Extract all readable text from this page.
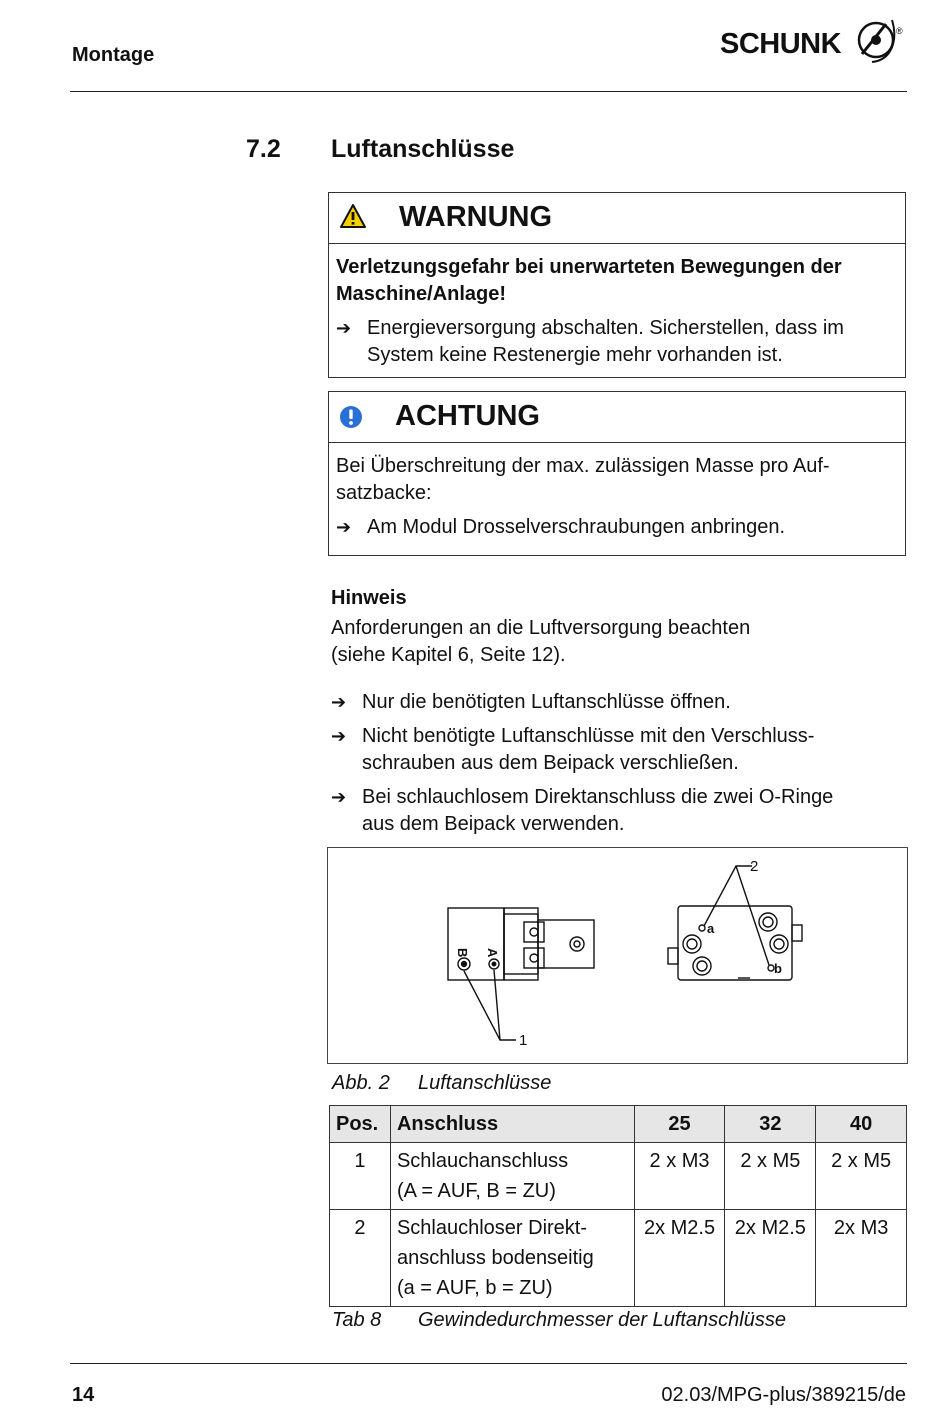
Montage	SCHUNK	®
7.2 Luftanschlüsse
WARNUNG
Verletzungsgefahr bei unerwarteten Bewegungen der
Maschine/Anlage!
➔ Energieversorgung abschalten. Sicherstellen, dass im
System keine Restenergie mehr vorhanden ist.
ACHTUNG
Bei Überschreitung der max. zulässigen Masse pro Auf-
satzbacke:
➔ Am Modul Drosselverschraubungen anbringen.
Hinweis
Anforderungen an die Luftversorgung beachten
(siehe Kapitel 6, Seite 12).
➔ Nur die benötigten Luftanschlüsse öffnen.
➔ Nicht benötigte Luftanschlüsse mit den Verschluss-
schrauben aus dem Beipack verschließen.
➔ Bei schlauchlosem Direktanschluss die zwei O-Ringe
aus dem Beipack verwenden.
1
2
A
B
a
b
Abb. 2 Luftanschlüsse
Pos.	Anschluss	25	32	40
1	Schlauchanschluss
(A = AUF, B = ZU)	2 x M3	2 x M5	2 x M5
2	Schlauchloser Direkt-
anschluss bodenseitig
(a = AUF, b = ZU)	2x M2.5	2x M2.5	2x M3
Tab 8 Gewindedurchmesser der Luftanschlüsse
14	02.03/MPG-plus/389215/de
